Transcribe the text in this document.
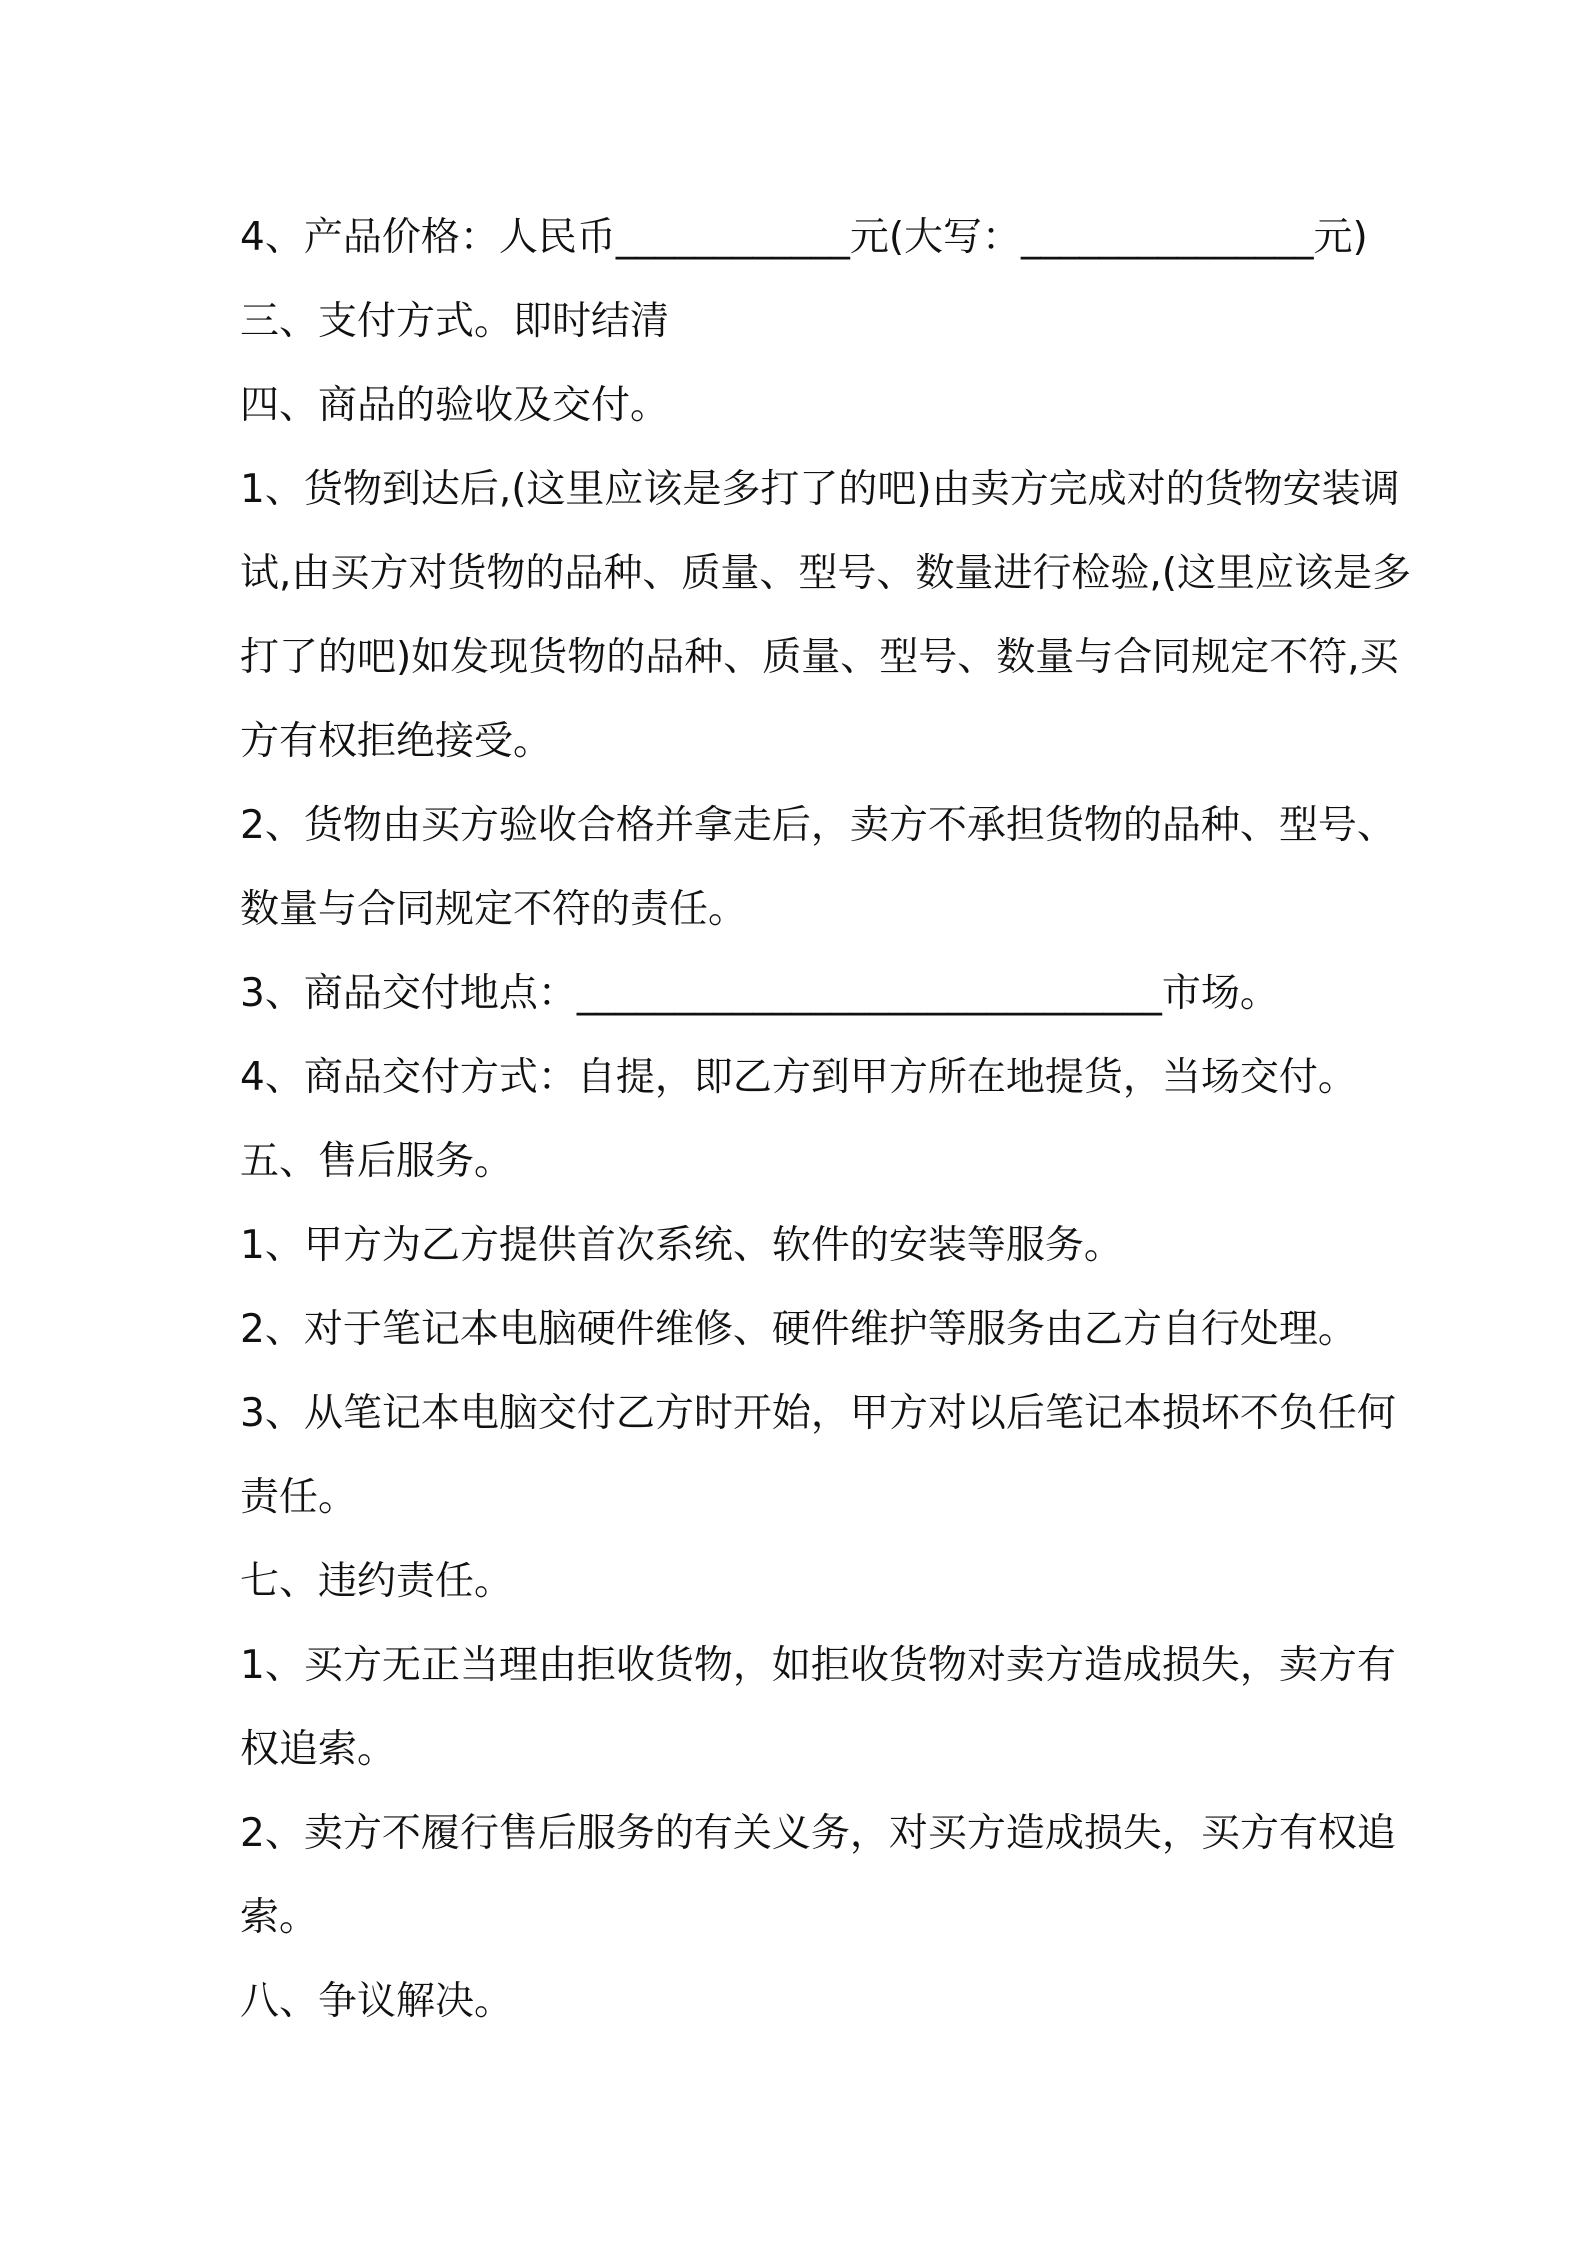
4、产品价格：人民币____________元(大写：_______________元)
三、支付方式。即时结清
四、商品的验收及交付。
1、货物到达后,(这里应该是多打了的吧)由卖方完成对的货物安装调
试,由买方对货物的品种、质量、型号、数量进行检验,(这里应该是多
打了的吧)如发现货物的品种、质量、型号、数量与合同规定不符,买
方有权拒绝接受。
2、货物由买方验收合格并拿走后，卖方不承担货物的品种、型号、
数量与合同规定不符的责任。
3、商品交付地点：______________________________市场。
4、商品交付方式：自提，即乙方到甲方所在地提货，当场交付。
五、售后服务。
1、甲方为乙方提供首次系统、软件的安装等服务。
2、对于笔记本电脑硬件维修、硬件维护等服务由乙方自行处理。
3、从笔记本电脑交付乙方时开始，甲方对以后笔记本损坏不负任何
责任。
七、违约责任。
1、买方无正当理由拒收货物，如拒收货物对卖方造成损失，卖方有
权追索。
2、卖方不履行售后服务的有关义务，对买方造成损失，买方有权追
索。
八、争议解决。
